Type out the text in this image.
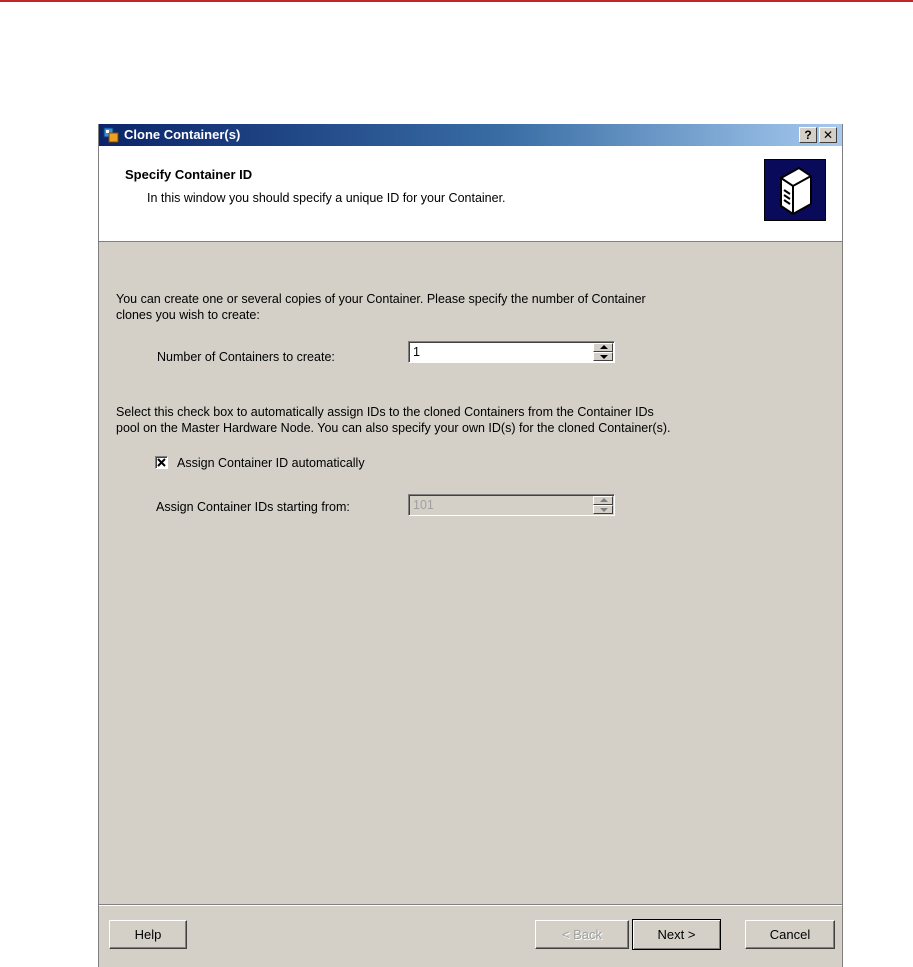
Clone Container(s)	? ✕
Specify Container ID
In this window you should specify a unique ID for your Container.
You can create one or several copies of your Container. Please specify the number of Container
clones you wish to create:
Number of Containers to create:
1
Select this check box to automatically assign IDs to the cloned Containers from the Container IDs
pool on the Master Hardware Node. You can also specify your own ID(s) for the cloned Container(s).
Assign Container ID automatically
Assign Container IDs starting from:
101
Help	< Back	Next >	Cancel
